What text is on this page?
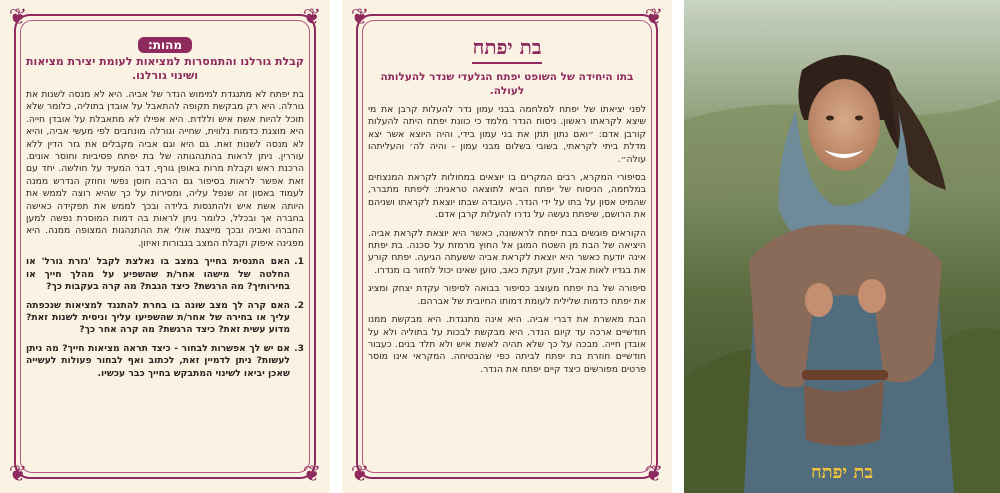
❦	❦
❦	❦
מהות:
קבלת גורלנו והתמסרות למציאות לעומת יצירת מציאות ושינוי גורלנו.
בת יפתח לא מתנגדת למימוש הנדר של אביה. היא לא מנסה לשנות את גורלה. היא רק מבקשת תקופה להתאבל על אובדן בתוליה, כלומר שלא תוכל להיות אשת איש וללדת. היא אפילו לא מתאבלת על אובדן חייה. היא מוצגת כדמות נלווית, שחייה וגורלה מונחבים לפי מעשי אביה, והיא לא מנסה לשנות זאת. גם היא וגם אביה מקבלים את גזר הדין ללא עוררין. ניתן לראות בהתנהגותה של בת יפתח פסיביות וחוסר אונים. הרכנת ראש וקבלת מרות באופן גורף, דבר המעיד על חולשה. יחד עם זאת אפשר לראות בסיפור גם הרבה חוסן נפשי וחוזק הנדרש ממנה לעמוד באסון זה שנפל עליה, ומסירות על כך שהיא רוצה לממש את היותה אשת איש ולהתנסות בלידה ובכך לממש את תפקידה כאישה בחברה אך ובכלל, כלומר ניתן לראות בה דמות המוסרת נפשה למען החברה ואביה ובכך מייצגת אולי את ההתנהגות המצופה ממנה. היא מפגינה איפוק וקבלת המצב בגבורות ואיזון.
1.
האם התנסית בחייך במצב בו נאלצת לקבל 'גזרת גורל' או החלטה של מישהו אחר/ת שהשפיע על מהלך חייך או בחירותיך? מה הרגשת? כיצד הגבת? מה קרה בעקבות כך?
2.
האם קרה לך מצב שונה בו בחרת להתנגד למציאות שנכפתה עליך או בחירה של אחר/ת שהשפיעו עליך וניסית לשנות זאת? מדוע עשית זאת? כיצד הרגשת? מה קרה אחר כך?
3.
אם יש לך אפשרות לבחור - כיצד תראה מציאות חייך? מה ניתן לעשות? ניתן לדמיין זאת, לכתוב ואף לבחור פעולות לעשייה שאכן יביאו לשינוי המתבקש בחייך כבר עכשיו.
❦	❦
❦	❦
בת יפתח
בתו היחידה של השופט יפתח הגלעדי שנדר להעלותה לעולה.
לפני יציאתו של יפתח למלחמה בבני עמון נדר להעלות קרבן את מי שיצא לקראתו ראשון. ניסוח הנדר מלמד כי כוונת יפתח היתה להעלות קורבן אדם: ״ואם נתון תתן את בני עמון בידי, והיה היוצא אשר יצא מדלת ביתי לקראתי, בשובי בשלום מבני עמון - והיה לה׳ והעליתהו עולה״.
בסיפורי המקרא, רבים המקרים בו יוצאים במחולות לקראת המנצחים במלחמה, הניסוח של יפתח הביא לתוצאה טראגית: ליפתח מתברר, שהמיט אסון על בתו על ידי הנדר. העובדה שבתו יוצאת לקראתו ושניהם את הרושם, שיפתח נעשה על נדרו להעלות קרבן אדם.
הקוראים פוגשים בבת יפתח לראשונה, כאשר היא יוצאת לקראת אביה. היציאה של הבת מן השטח המוגן אל החוץ מרמזת על סכנה. בת יפתח אינה יודעת כאשר היא יוצאת לקראת אביה ששעתה הגיעה. יפתח קורע את בגדיו לאות אבל, זועק זעקת כאב, טוען שאינו יכול לחזור בו מנדרו.
סיפורה של בת יפתח מעוצב כסיפור בבואה לסיפור עקדת יצחק ומציג את יפתח כדמות שלילית לעומת דמותו החיובית של אברהם.
הבת מאשרת את דברי אביה. היא אינה מתנגדת. היא מבקשת ממנו חודשיים ארכה עד קיום הנדר. היא מבקשת לבכות על בתוליה ולא על אובדן חייה. מבכה על כך שלא תהיה לאשת איש ולא תלד בנים. כעבור חודשיים חוזרת בת יפתח לביתה כפי שהבטיחה. המקראי אינו מוסר פרטים מפורשים כיצד קיים יפתח את הנדר.
בת יפתח
